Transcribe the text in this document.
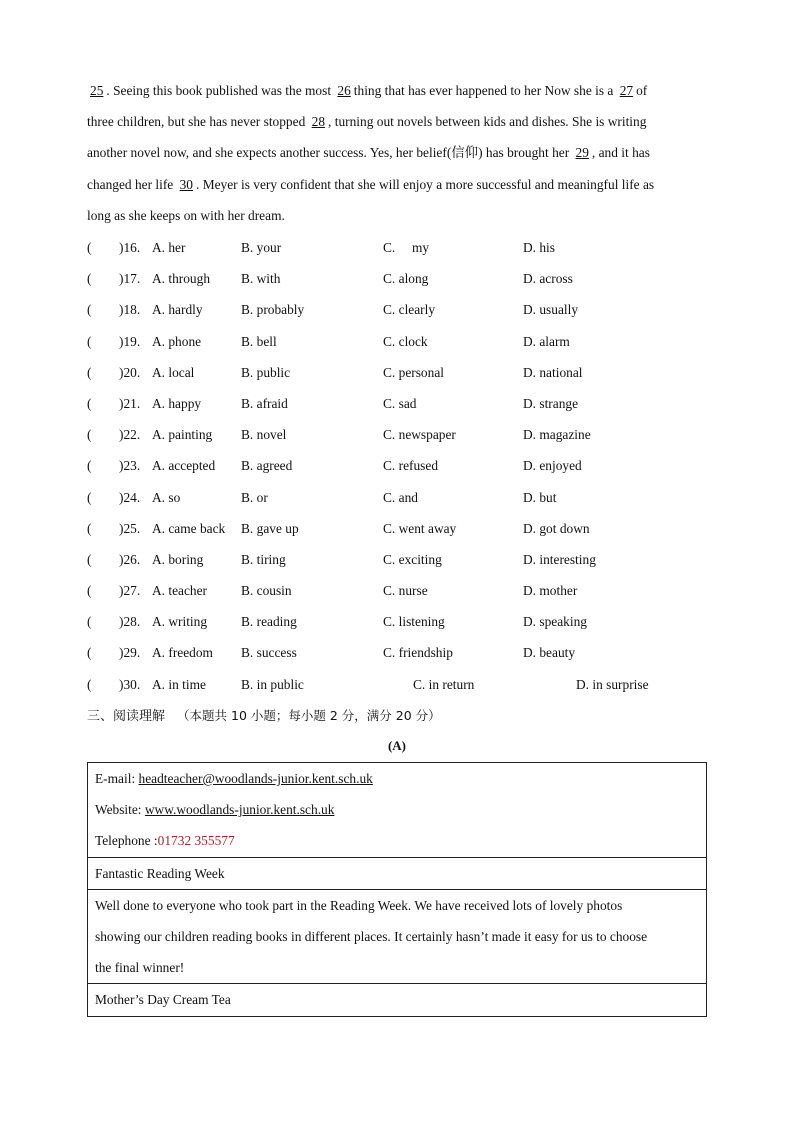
25 . Seeing this book published was the most 26 thing that has ever happened to her Now she is a 27 of
three children, but she has never stopped 28 , turning out novels between kids and dishes. She is writing
another novel now, and she expects another success. Yes, her belief(信仰) has brought her 29 , and it has
changed her life 30 . Meyer is very confident that she will enjoy a more successful and meaningful life as
long as she keeps on with her dream.
( )16. A. her	B. your	C.     my	D. his
( )17. A. through B. with	C. along	D. across
( )18. A. hardly	B. probably	C. clearly	D. usually
( )19. A. phone	B. bell	C. clock	D. alarm
( )20. A. local	B. public	C. personal	D. national
( )21. A. happy	B. afraid	C. sad	D. strange
( )22. A. painting B. novel	C. newspaper	D. magazine
( )23. A. accepted B. agreed	C. refused	D. enjoyed
( )24. A. so	B. or	C. and	D. but
( )25. A. came back B. gave up	C. went away	D. got down
( )26. A. boring	B. tiring	C. exciting	D. interesting
( )27. A. teacher	B. cousin	C. nurse	D. mother
( )28. A. writing	B. reading	C. listening	D. speaking
( )29. A. freedom B. success	C. friendship	D. beauty
( )30. A. in time	B. in public	C. in return	D. in surprise
三、阅读理解 （本题共 10 小题；每小题 2 分，满分 20 分）
(A)
E-mail: headteacher@woodlands-junior.kent.sch.uk
Website: www.woodlands-junior.kent.sch.uk
Telephone :01732 355577

Fantastic Reading Week

Well done to everyone who took part in the Reading Week. We have received lots of lovely photos
showing our children reading books in different places. It certainly hasn’t made it easy for us to choose
the final winner!

Mother’s Day Cream Tea
